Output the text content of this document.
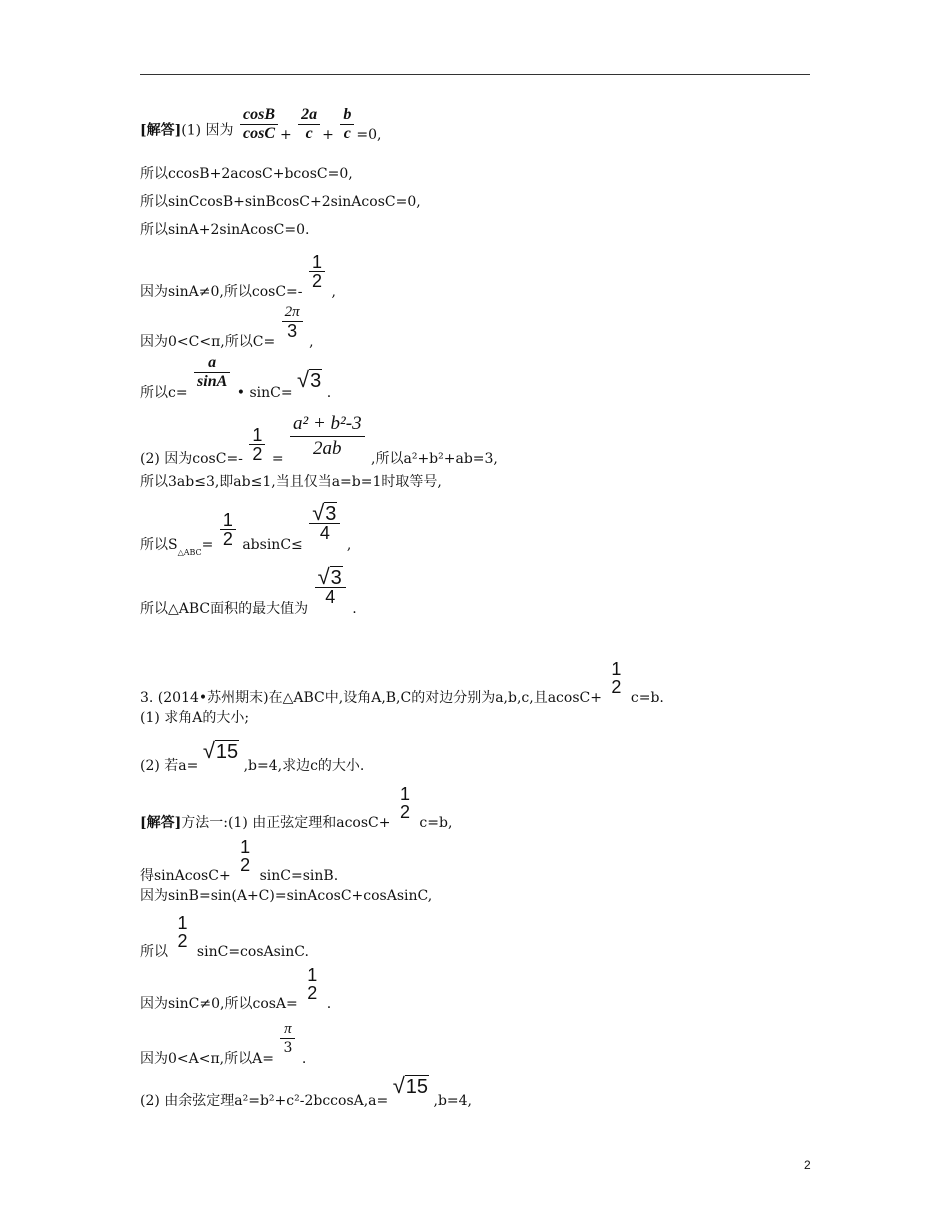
[解答](1) 因为 $\frac{\cos B}{\cos C} + \frac{2a}{c} + \frac{b}{c} =0$,
所以ccosB+2acosC+bcosC=0,
所以sinCcosB+sinBcosC+2sinAcosC=0,
所以sinA+2sinAcosC=0.
因为sinA≠0,所以cosC=-
$\frac{1}{2}$
,
因为0<C<π,所以C=
$\frac{2\pi}{3}$
,
所以c=
$\frac{a}{\sin A}$
• sinC= √3 .
(2) 因为$\cos C=- \frac{1}{2} = \frac{\text{a² + b²-3}}{2ab}$ ,所以a²+b²+ab=3,
所以3ab≤3,即ab≤1,当且仅当a=b=1时取等号,
所以$S_{\triangle ABC}= \frac{1}{2} absinC\le$
$\frac{√3}{4}$
,
所以△ABC面积的最大值为
$\frac{√3}{4}$
.
3. (2014•苏州期末)在△ABC中,设角A,B,C的对边分别为a,b,c,且acosC+
1
2
c=b.
(1) 求角A的大小;
(2) 若a= √15 ,b=4,求边c的大小.
[解答]方法一:(1) 由正弦定理和acosC+
1
2
c=b,
得sinAcosC+
1
2
sinC=sinB.
因为sinB=sin(A+C)=sinAcosC+cosAsinC,
所以
1
2
sinC=cosAsinC.
因为sinC≠0,所以cosA=
1
2
.
因为0<A<π,所以A=
$\frac{\pi}{3}$
.
(2) 由余弦定理a²=b²+c²-2bccosA,a= √15 ,b=4,
2
